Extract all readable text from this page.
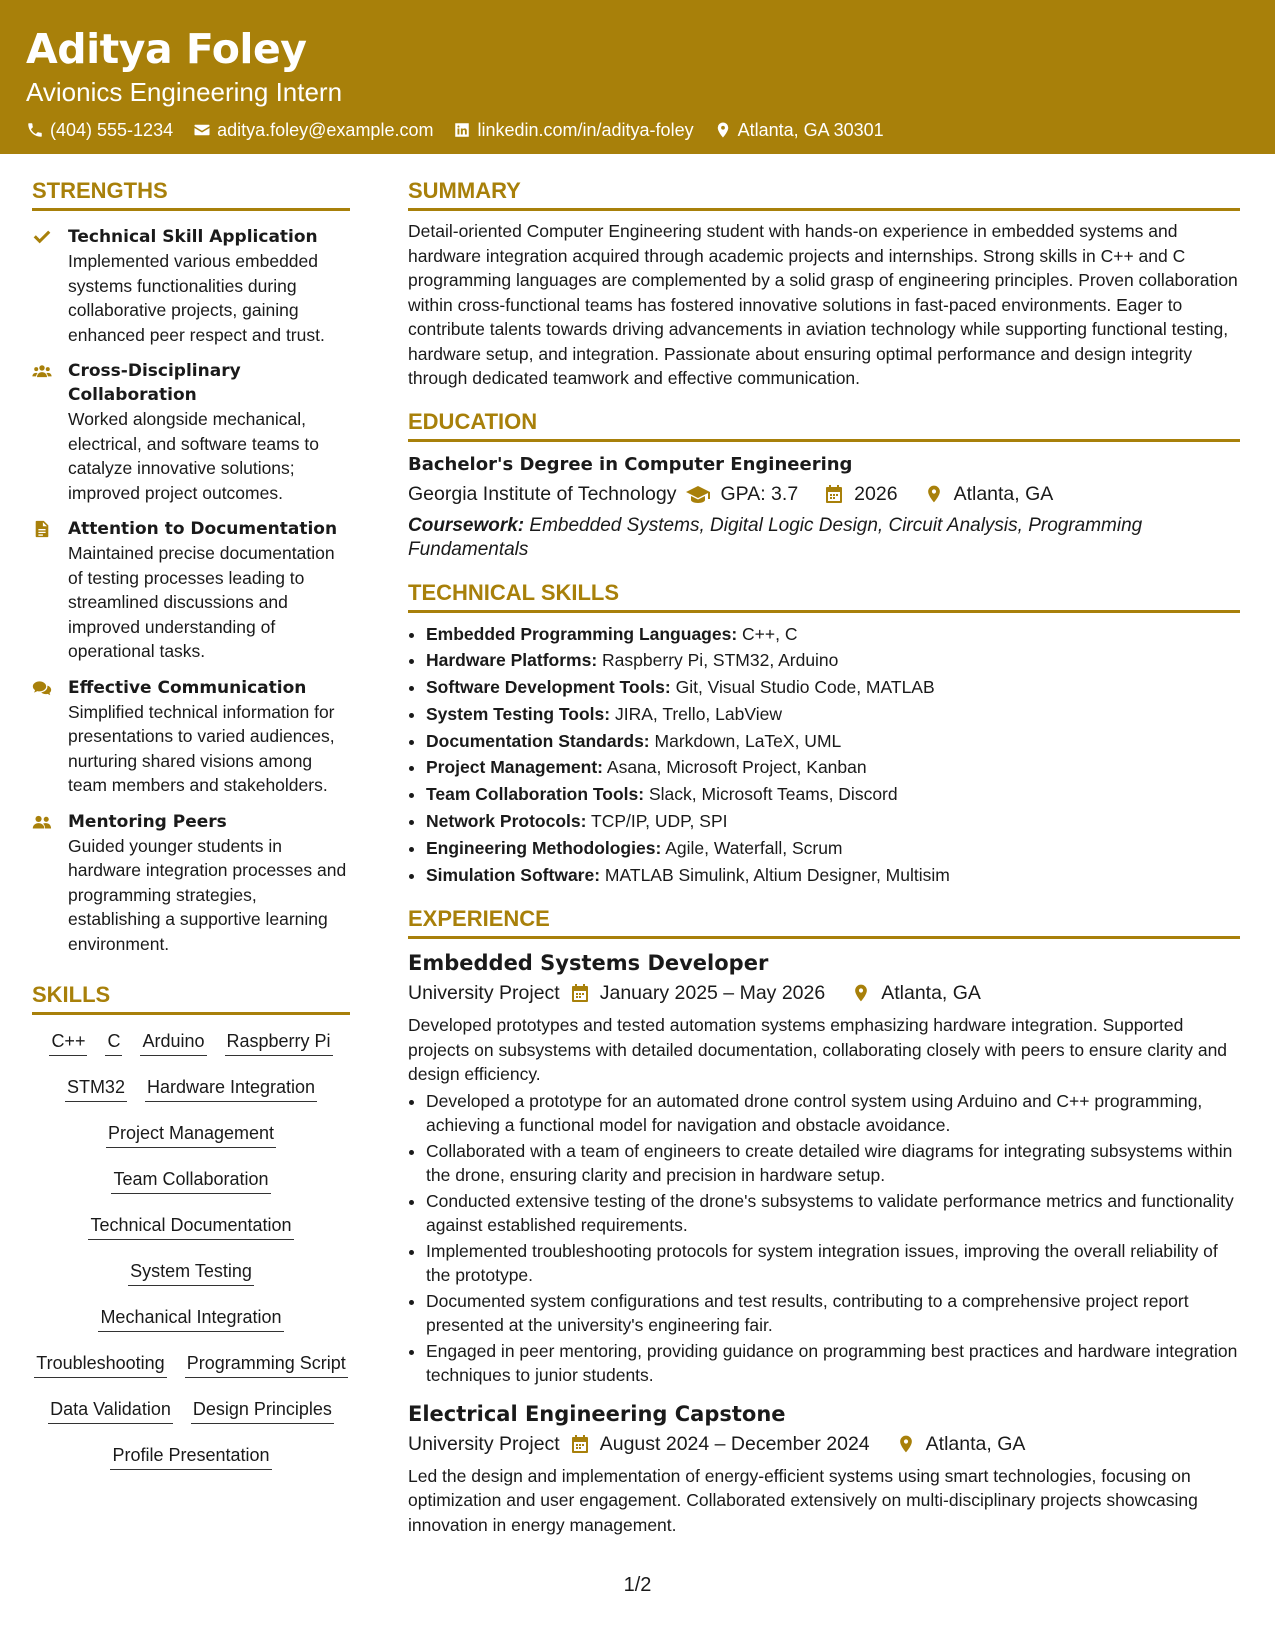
Aditya Foley
Avionics Engineering Intern
(404) 555-1234 aditya.foley@example.com linkedin.com/in/aditya-foley Atlanta, GA 30301
STRENGTHS
Technical Skill Application
Implemented various embedded systems functionalities during collaborative projects, gaining enhanced peer respect and trust.
Cross-Disciplinary Collaboration
Worked alongside mechanical, electrical, and software teams to catalyze innovative solutions; improved project outcomes.
Attention to Documentation
Maintained precise documentation of testing processes leading to streamlined discussions and improved understanding of operational tasks.
Effective Communication
Simplified technical information for presentations to varied audiences, nurturing shared visions among team members and stakeholders.
Mentoring Peers
Guided younger students in hardware integration processes and programming strategies, establishing a supportive learning environment.
SKILLS
C++ C Arduino Raspberry Pi
STM32 Hardware Integration
Project Management
Team Collaboration
Technical Documentation
System Testing
Mechanical Integration
Troubleshooting Programming Script
Data Validation Design Principles
Profile Presentation
SUMMARY

Detail-oriented Computer Engineering student with hands-on experience in embedded systems and hardware integration acquired through academic projects and internships. Strong skills in C++ and C programming languages are complemented by a solid grasp of engineering principles. Proven collaboration within cross-functional teams has fostered innovative solutions in fast-paced environments. Eager to contribute talents towards driving advancements in aviation technology while supporting functional testing, hardware setup, and integration. Passionate about ensuring optimal performance and design integrity through dedicated teamwork and effective communication.

EDUCATION
Bachelor's Degree in Computer Engineering
Georgia Institute of Technology GPA: 3.7	2026	Atlanta, GA
Coursework: Embedded Systems, Digital Logic Design, Circuit Analysis, Programming Fundamentals
TECHNICAL SKILLS
• Embedded Programming Languages: C++, C
• Hardware Platforms: Raspberry Pi, STM32, Arduino
• Software Development Tools: Git, Visual Studio Code, MATLAB
• System Testing Tools: JIRA, Trello, LabView
• Documentation Standards: Markdown, LaTeX, UML
• Project Management: Asana, Microsoft Project, Kanban
• Team Collaboration Tools: Slack, Microsoft Teams, Discord
• Network Protocols: TCP/IP, UDP, SPI
• Engineering Methodologies: Agile, Waterfall, Scrum
• Simulation Software: MATLAB Simulink, Altium Designer, Multisim
EXPERIENCE
Embedded Systems Developer
University Project January 2025 – May 2026	Atlanta, GA
Developed prototypes and tested automation systems emphasizing hardware integration. Supported projects on subsystems with detailed documentation, collaborating closely with peers to ensure clarity and design efficiency.
• Developed a prototype for an automated drone control system using Arduino and C++ programming, achieving a functional model for navigation and obstacle avoidance.
• Collaborated with a team of engineers to create detailed wire diagrams for integrating subsystems within the drone, ensuring clarity and precision in hardware setup.
• Conducted extensive testing of the drone's subsystems to validate performance metrics and functionality against established requirements.
• Implemented troubleshooting protocols for system integration issues, improving the overall reliability of the prototype.
• Documented system configurations and test results, contributing to a comprehensive project report presented at the university's engineering fair.
• Engaged in peer mentoring, providing guidance on programming best practices and hardware integration techniques to junior students.
Electrical Engineering Capstone
University Project August 2024 – December 2024	Atlanta, GA
Led the design and implementation of energy-efficient systems using smart technologies, focusing on optimization and user engagement. Collaborated extensively on multi-disciplinary projects showcasing innovation in energy management.
1/2
